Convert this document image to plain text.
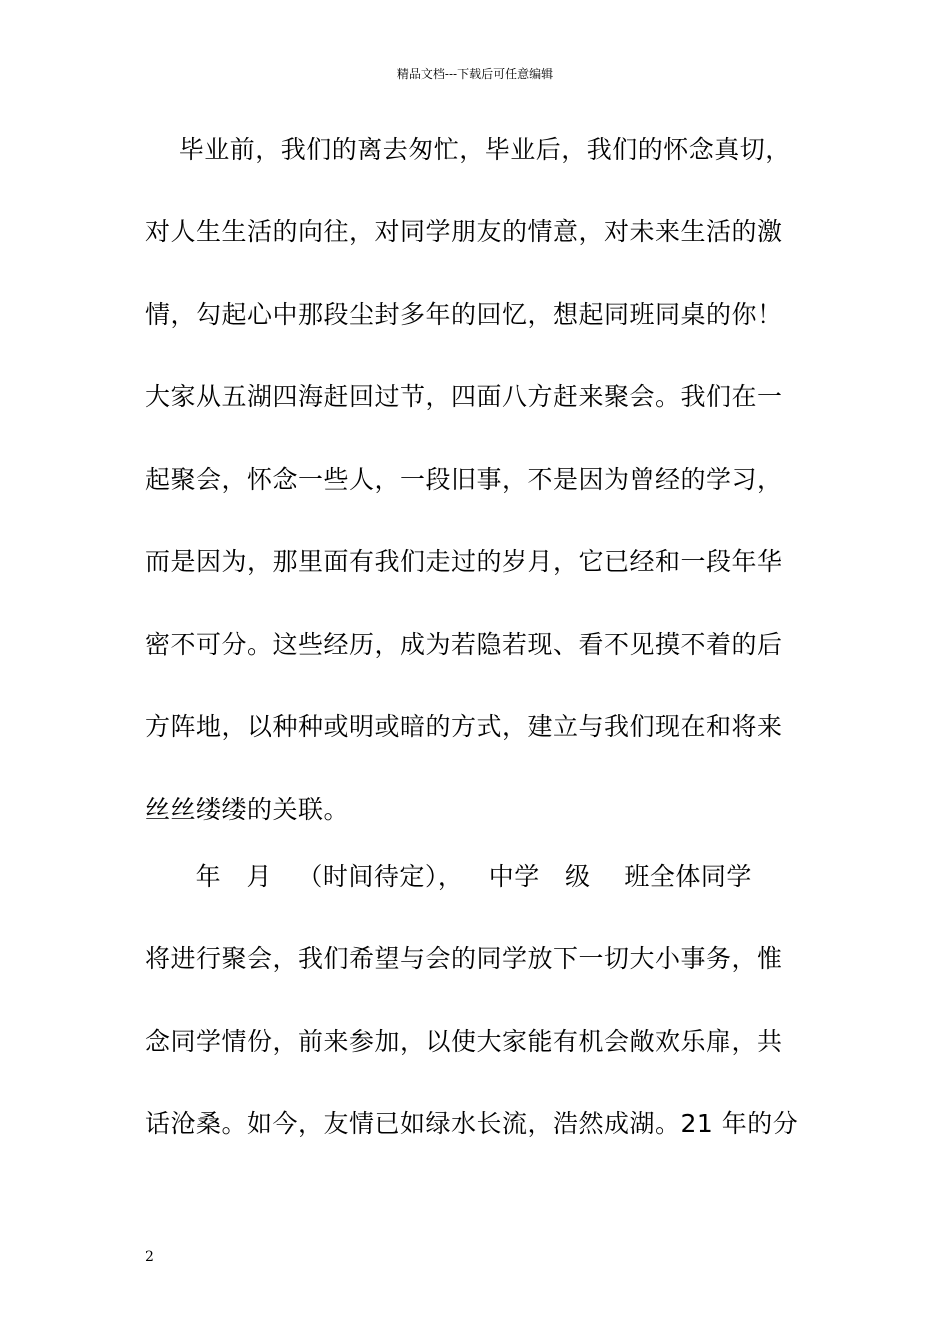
精品文档---下载后可任意编辑
毕业前，我们的离去匆忙，毕业后，我们的怀念真切，
对人生生活的向往，对同学朋友的情意，对未来生活的激
情，勾起心中那段尘封多年的回忆，想起同班同桌的你！
大家从五湖四海赶回过节，四面八方赶来聚会。我们在一
起聚会，怀念一些人，一段旧事，不是因为曾经的学习，
而是因为，那里面有我们走过的岁月，它已经和一段年华
密不可分。这些经历，成为若隐若现、看不见摸不着的后
方阵地，以种种或明或暗的方式，建立与我们现在和将来
丝丝缕缕的关联。
年   月   （时间待定），   中学   级    班全体同学
将进行聚会，我们希望与会的同学放下一切大小事务，惟
念同学情份，前来参加，以使大家能有机会敞欢乐扉，共
话沧桑。如今，友情已如绿水长流，浩然成湖。21 年的分
2
